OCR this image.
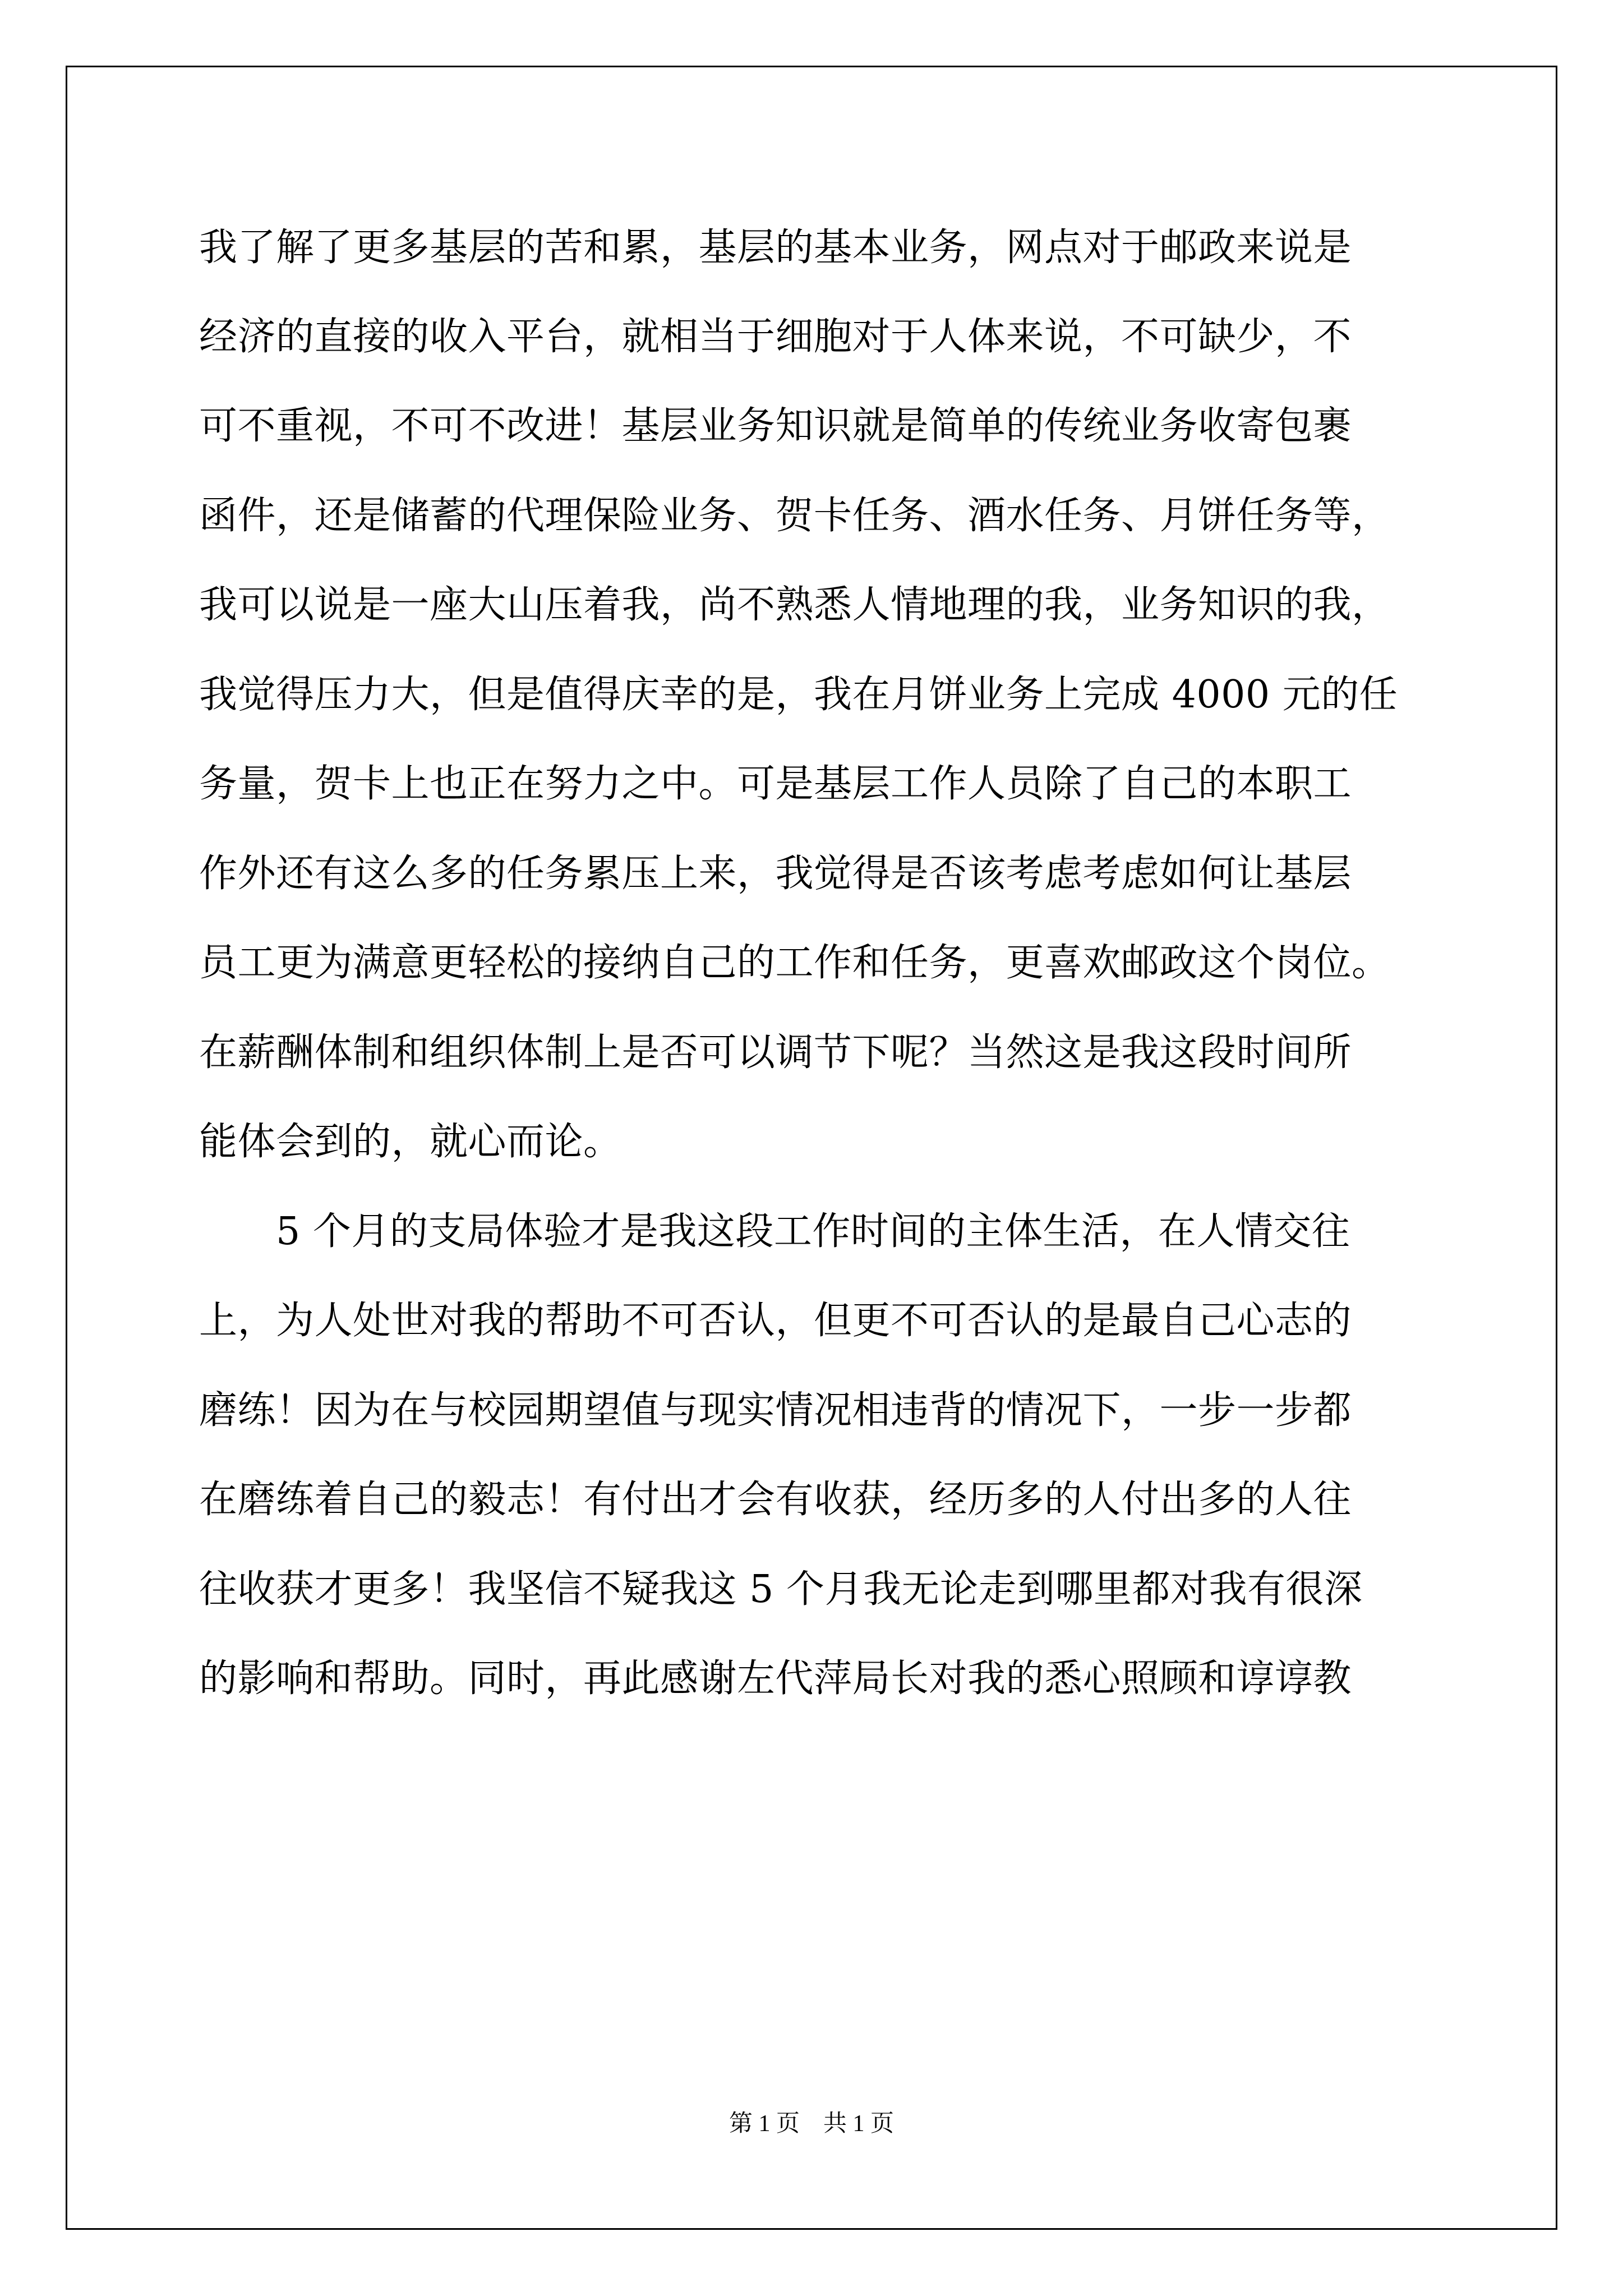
我了解了更多基层的苦和累，基层的基本业务，网点对于邮政来说是
经济的直接的收入平台，就相当于细胞对于人体来说，不可缺少，不
可不重视，不可不改进！基层业务知识就是简单的传统业务收寄包裹
函件，还是储蓄的代理保险业务、贺卡任务、酒水任务、月饼任务等，
我可以说是一座大山压着我，尚不熟悉人情地理的我，业务知识的我，
我觉得压力大，但是值得庆幸的是，我在月饼业务上完成 4000 元的任
务量，贺卡上也正在努力之中。可是基层工作人员除了自己的本职工
作外还有这么多的任务累压上来，我觉得是否该考虑考虑如何让基层
员工更为满意更轻松的接纳自己的工作和任务，更喜欢邮政这个岗位。
在薪酬体制和组织体制上是否可以调节下呢？当然这是我这段时间所
能体会到的，就心而论。
　　5 个月的支局体验才是我这段工作时间的主体生活，在人情交往
上，为人处世对我的帮助不可否认，但更不可否认的是最自己心志的
磨练！因为在与校园期望值与现实情况相违背的情况下，一步一步都
在磨练着自己的毅志！有付出才会有收获，经历多的人付出多的人往
往收获才更多！我坚信不疑我这 5 个月我无论走到哪里都对我有很深
的影响和帮助。同时，再此感谢左代萍局长对我的悉心照顾和谆谆教
第 1 页　共 1 页
